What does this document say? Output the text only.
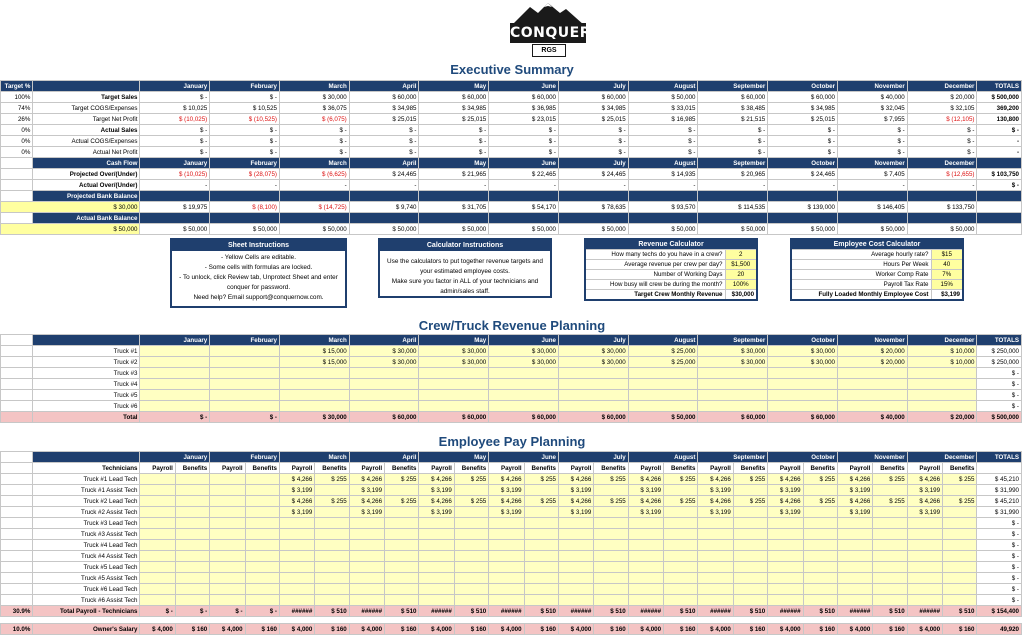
CONQUER
RGS
Executive Summary
Target %		January	February	March	April	May	June	July	August	September	October	November	December	TOTALS
100%	Target Sales	$ -	$ -	$ 30,000	$ 60,000	$ 60,000	$ 60,000	$ 60,000	$ 50,000	$ 60,000	$ 60,000	$ 40,000	$ 20,000	$ 500,000
74%	Target COGS/Expenses	$ 10,025	$ 10,525	$ 36,075	$ 34,985	$ 34,985	$ 36,985	$ 34,985	$ 33,015	$ 38,485	$ 34,985	$ 32,045	$ 32,105	369,200
26%	Target Net Profit	$ (10,025)	$ (10,525)	$ (6,075)	$ 25,015	$ 25,015	$ 23,015	$ 25,015	$ 16,985	$ 21,515	$ 25,015	$ 7,955	$ (12,105)	130,800
0%	Actual Sales	$ -	$ -	$ -	$ -	$ -	$ -	$ -	$ -	$ -	$ -	$ -	$ -	$ -
0%	Actual COGS/Expenses	$ -	$ -	$ -	$ -	$ -	$ -	$ -	$ -	$ -	$ -	$ -	$ -	-
0%	Actual Net Profit	$ -	$ -	$ -	$ -	$ -	$ -	$ -	$ -	$ -	$ -	$ -	$ -	-
	Cash Flow	January	February	March	April	May	June	July	August	September	October	November	December	
	Projected Over/(Under)	$ (10,025)	$ (28,075)	$ (6,625)	$ 24,465	$ 21,965	$ 22,465	$ 24,465	$ 14,935	$ 20,965	$ 24,465	$ 7,405	$ (12,655)	$ 103,750
	Actual Over/(Under)	-	-	-	-	-	-	-	-	-	-	-	-	$ -
	Projected Bank Balance													
$ 30,000		$ 19,975	$ (8,100)	$ (14,725)	$ 9,740	$ 31,705	$ 54,170	$ 78,635	$ 93,570	$ 114,535	$ 139,000	$ 146,405	$ 133,750	
	Actual Bank Balance													
$ 50,000		$ 50,000	$ 50,000	$ 50,000	$ 50,000	$ 50,000	$ 50,000	$ 50,000	$ 50,000	$ 50,000	$ 50,000	$ 50,000	$ 50,000	
Sheet Instructions
- Yellow Cells are editable.
- Some cells with formulas are locked.
- To unlock, click Review tab, Unprotect Sheet and enter
conquer for password.
Need help? Email support@conquernow.com.
Calculator Instructions
Use the calculators to put together revenue targets and
your estimated employee costs.
Make sure you factor in ALL of your technicians and
admin/sales staff.
Revenue Calculator	
How many techs do you have in a crew?	2
Average revenue per crew per day?	$1,500
Number of Working Days	20
How busy will crew be during the month?	100%
Target Crew Monthly Revenue	$30,000
Employee Cost Calculator	
Average hourly rate?	$15
Hours Per Week	40
Worker Comp Rate	7%
Payroll Tax Rate	15%
Fully Loaded Monthly Employee Cost	$3,199
Crew/Truck Revenue Planning
		January	February	March	April	May	June	July	August	September	October	November	December	TOTALS
	Truck #1			$ 15,000	$ 30,000	$ 30,000	$ 30,000	$ 30,000	$ 25,000	$ 30,000	$ 30,000	$ 20,000	$ 10,000	$ 250,000
	Truck #2			$ 15,000	$ 30,000	$ 30,000	$ 30,000	$ 30,000	$ 25,000	$ 30,000	$ 30,000	$ 20,000	$ 10,000	$ 250,000
	Truck #3													$ -
	Truck #4													$ -
	Truck #5													$ -
	Truck #6													$ -
	Total	$ -	$ -	$ 30,000	$ 60,000	$ 60,000	$ 60,000	$ 60,000	$ 50,000	$ 60,000	$ 60,000	$ 40,000	$ 20,000	$ 500,000
Employee Pay Planning
		January		February		March		April		May		June		July		August		September		October		November		December		TOTALS
	Technicians	Payroll	Benefits	Payroll	Benefits	Payroll	Benefits	Payroll	Benefits	Payroll	Benefits	Payroll	Benefits	Payroll	Benefits	Payroll	Benefits	Payroll	Benefits	Payroll	Benefits	Payroll	Benefits	Payroll	Benefits	
	Truck #1 Lead Tech					$ 4,266	$ 255	$ 4,266	$ 255	$ 4,266	$ 255	$ 4,266	$ 255	$ 4,266	$ 255	$ 4,266	$ 255	$ 4,266	$ 255	$ 4,266	$ 255	$ 4,266	$ 255	$ 4,266	$ 255	$ 45,210
	Truck #1 Assist Tech					$ 3,199		$ 3,199		$ 3,199		$ 3,199		$ 3,199		$ 3,199		$ 3,199		$ 3,199		$ 3,199		$ 3,199		$ 31,990
	Truck #2 Lead Tech					$ 4,266	$ 255	$ 4,266	$ 255	$ 4,266	$ 255	$ 4,266	$ 255	$ 4,266	$ 255	$ 4,266	$ 255	$ 4,266	$ 255	$ 4,266	$ 255	$ 4,266	$ 255	$ 4,266	$ 255	$ 45,210
	Truck #2 Assist Tech					$ 3,199		$ 3,199		$ 3,199		$ 3,199		$ 3,199		$ 3,199		$ 3,199		$ 3,199		$ 3,199		$ 3,199		$ 31,990
	Truck #3 Lead Tech																									$ -
	Truck #3 Assist Tech																									$ -
	Truck #4 Lead Tech																									$ -
	Truck #4 Assist Tech																									$ -
	Truck #5 Lead Tech																									$ -
	Truck #5 Assist Tech																									$ -
	Truck #6 Lead Tech																									$ -
	Truck #6 Assist Tech																									$ -
30.9%	Total Payroll - Technicians	$ -	$ -	$ -	$ -	######	$ 510	######	$ 510	######	$ 510	######	$ 510	######	$ 510	######	$ 510	######	$ 510	######	$ 510	######	$ 510	######	$ 510	$ 154,400

10.0%	Owner's Salary	$ 4,000	$ 160	$ 4,000	$ 160	$ 4,000	$ 160	$ 4,000	$ 160	$ 4,000	$ 160	$ 4,000	$ 160	$ 4,000	$ 160	$ 4,000	$ 160	$ 4,000	$ 160	$ 4,000	$ 160	$ 4,000	$ 160	$ 4,000	$ 160	49,920
